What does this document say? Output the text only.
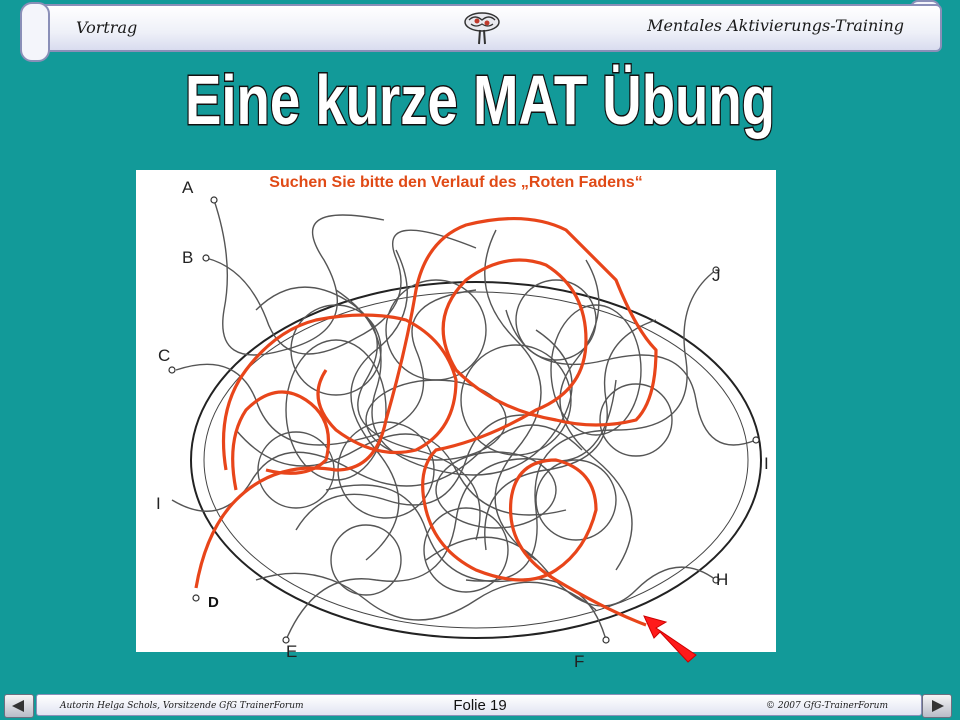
Vortrag	Mentales Aktivierungs-Training
Eine kurze MAT Übung
Suchen Sie bitte den Verlauf des „Roten Fadens“
A
B
C
I
D
E
F
H
I
J
Autorin Helga Schols, Vorsitzende GfG TrainerForum	Folie 19	© 2007 GfG-TrainerForum
